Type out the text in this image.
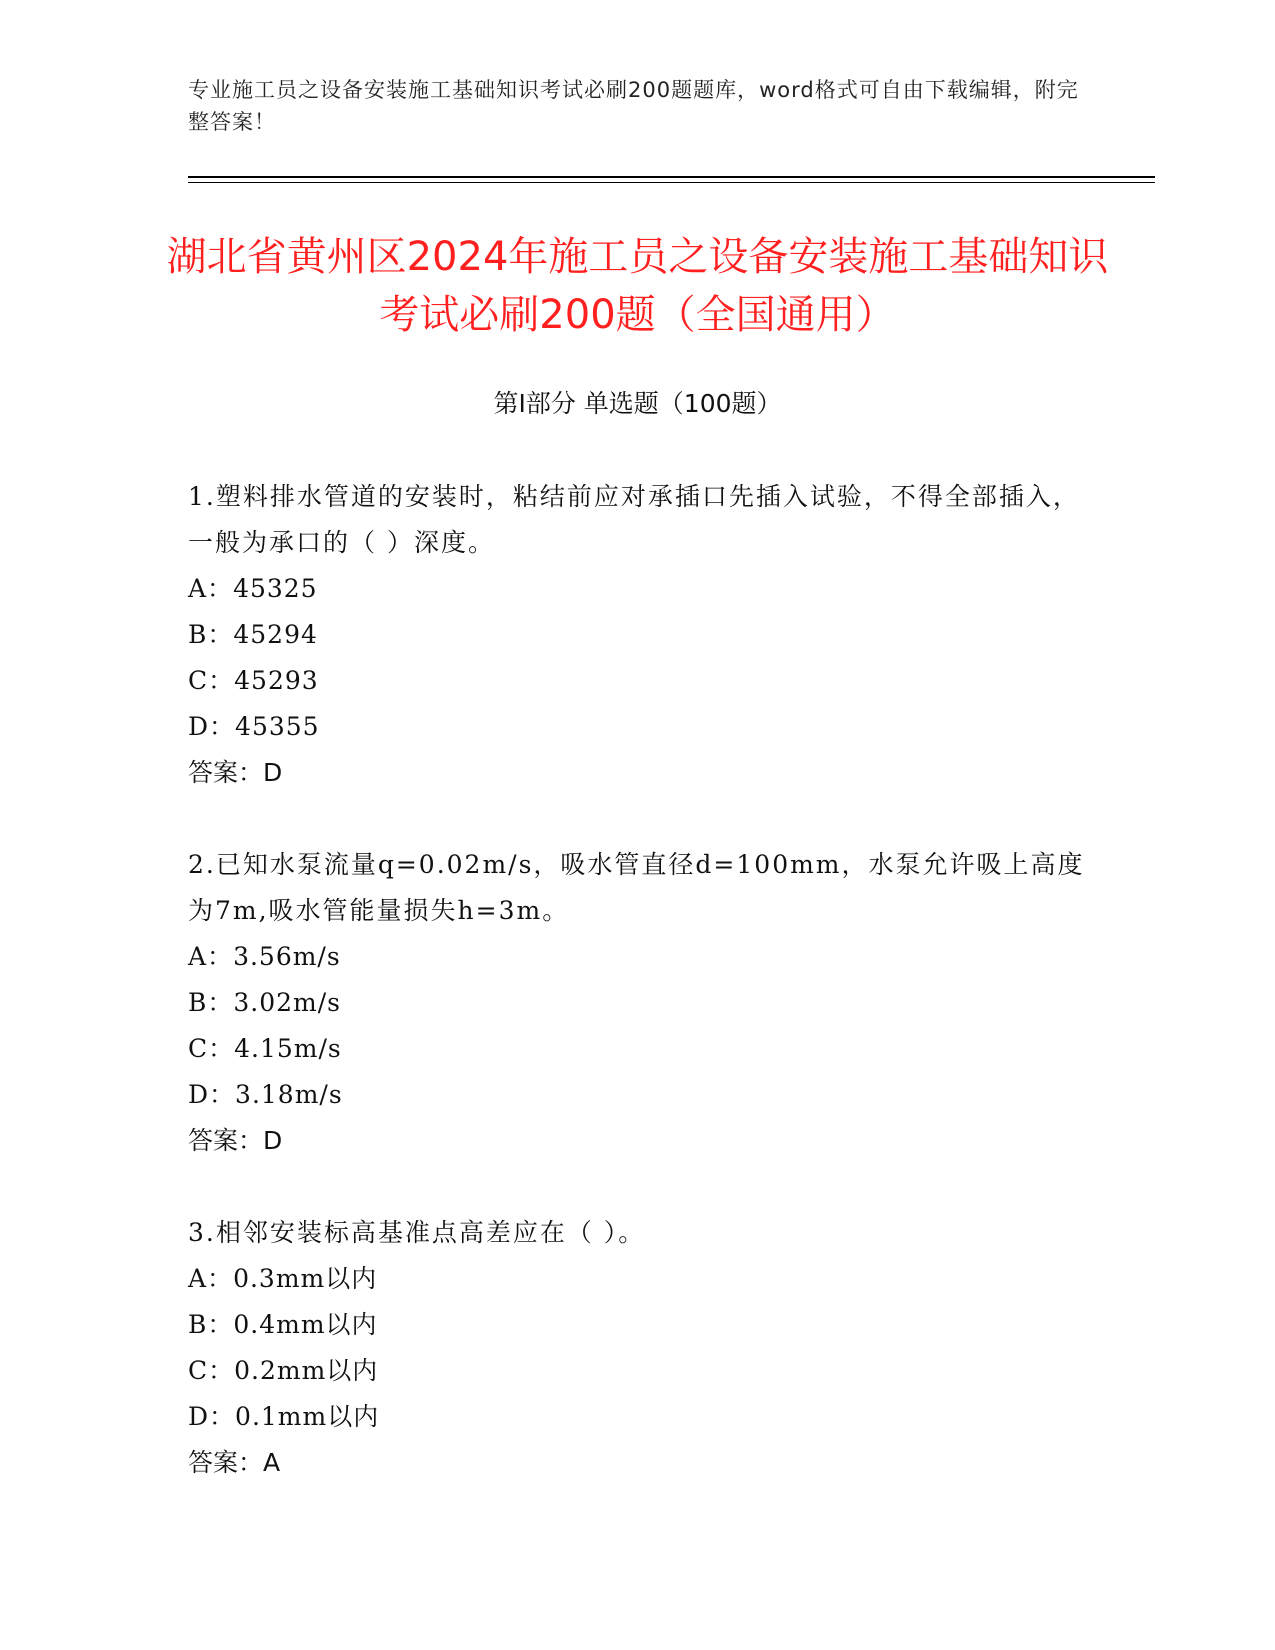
专业施工员之设备安装施工基础知识考试必刷200题题库，word格式可自由下载编辑，附完整答案！
湖北省黄州区2024年施工员之设备安装施工基础知识考试必刷200题（全国通用）
第Ⅰ部分 单选题（100题）

1.塑料排水管道的安装时，粘结前应对承插口先插入试验，不得全部插入，一般为承口的（ ）深度。

A：45325

B：45294

C：45293

D：45355

答案：D

2.已知水泵流量q=0.02m/s，吸水管直径d=100mm，水泵允许吸上高度为7m,吸水管能量损失h=3m。

A：3.56m/s

B：3.02m/s

C：4.15m/s

D：3.18m/s

答案：D

3.相邻安装标高基准点高差应在（ ）。

A：0.3mm以内

B：0.4mm以内

C：0.2mm以内

D：0.1mm以内

答案：A
